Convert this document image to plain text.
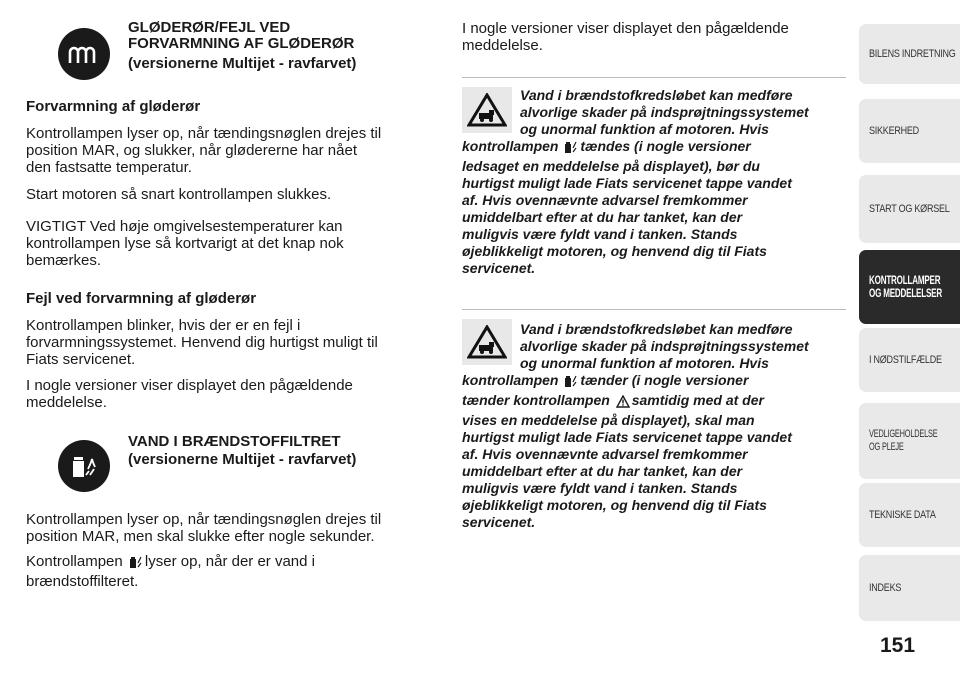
GLØDERØR/FEJL VED
FORVARMNING AF GLØDERØR
(versionerne Multijet - ravfarvet)
Forvarmning af gløderør
Kontrollampen lyser op, når tændingsnøglen drejes til
position MAR, og slukker, når glødererne har nået
den fastsatte temperatur.
Start motoren så snart kontrollampen slukkes.
VIGTIGT Ved høje omgivelsestemperaturer kan
kontrollampen lyse så kortvarigt at det knap nok
bemærkes.
Fejl ved forvarmning af gløderør
Kontrollampen blinker, hvis der er en fejl i
forvarmningssystemet. Henvend dig hurtigst muligt til
Fiats servicenet.
I nogle versioner viser displayet den pågældende
meddelelse.
VAND I BRÆNDSTOFFILTRET
(versionerne Multijet - ravfarvet)
Kontrollampen lyser op, når tændingsnøglen drejes til
position MAR, men skal slukke efter nogle sekunder.
Kontrollampen lyser op, når der er vand i
brændstoffilteret.
I nogle versioner viser displayet den pågældende
meddelelse.
Vand i brændstofkredsløbet kan medføre
alvorlige skader på indsprøjtningssystemet
og unormal funktion af motoren. Hvis
kontrollampen tændes (i nogle versioner
ledsaget en meddelelse på displayet), bør du
hurtigst muligt lade Fiats servicenet tappe vandet
af. Hvis ovennævnte advarsel fremkommer
umiddelbart efter at du har tanket, kan der
muligvis være fyldt vand i tanken. Stands
øjeblikkeligt motoren, og henvend dig til Fiats
servicenet.
Vand i brændstofkredsløbet kan medføre
alvorlige skader på indsprøjtningssystemet
og unormal funktion af motoren. Hvis
kontrollampen tænder (i nogle versioner
tænder kontrollampen samtidig med at der
vises en meddelelse på displayet), skal man
hurtigst muligt lade Fiats servicenet tappe vandet
af. Hvis ovennævnte advarsel fremkommer
umiddelbart efter at du har tanket, kan der
muligvis være fyldt vand i tanken. Stands
øjeblikkeligt motoren, og henvend dig til Fiats
servicenet.
BILENS INDRETNING
SIKKERHED
START OG KØRSEL
KONTROLLAMPER
OG MEDDELELSER
I NØDSTILFÆLDE
VEDLIGEHOLDELSE
OG PLEJE
TEKNISKE DATA
INDEKS
151
